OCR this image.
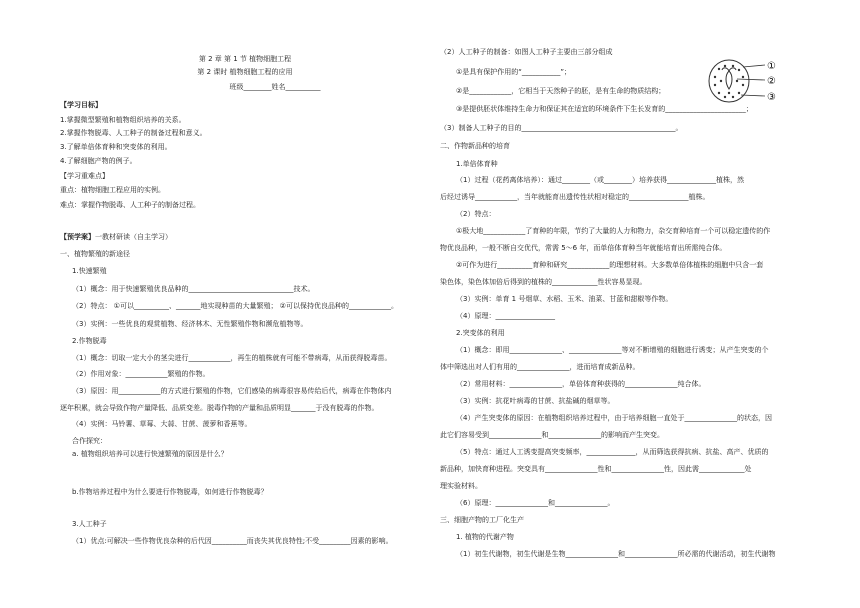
第 2 章 第 1 节 植物细胞工程
第 2 课时 植物细胞工程的应用
班级________姓名__________
【学习目标】
1.掌握微型繁殖和植物组织培养的关系。
2.掌握作物脱毒、人工种子的制备过程和意义。
3.了解单倍体育种和突变体的利用。
4.了解细胞产物的例子。
【学习重难点】
重点：植物细胞工程应用的实例。
难点：掌握作物脱毒、人工种子的制备过程。
【预学案】一教材研读（自主学习）
一、植物繁殖的新途径
1.快速繁殖
（1）概念：用于快速繁殖优良品种的______________________________技术。
（2）特点： ①可以__________、_______地实现种苗的大量繁殖； ②可以保持优良品种的____________。
（3）实例：一些优良的观赏植物、经济林木、无性繁殖作物和濒危植物等。
2.作物脱毒
（1）概念：切取一定大小的茎尖进行____________，再生的植株就有可能不带病毒，从而获得脱毒苗。
（2）作用对象：____________繁殖的作物。
（3）原因：用____________的方式进行繁殖的作物，它们感染的病毒很容易传给后代，病毒在作物体内
逐年积累，就会导致作物产量降低、品质变差。脱毒作物的产量和品质明显_______于没有脱毒的作物。
（4）实例：马铃薯、草莓、大蒜、甘蔗、菠萝和香蕉等。
合作探究：
a. 植物组织培养可以进行快速繁殖的原因是什么？
b.作物培养过程中为什么要进行作物脱毒，如何进行作物脱毒？
3.人工种子
（1）优点:可解决一些作物优良杂种的后代因__________而丧失其优良特性;不受_________因素的影响。
（2）人工种子的制备：如图人工种子主要由三部分组成
①是具有保护作用的“___________”；
②是____________，它相当于天然种子的胚，是有生命的物质结构；
③是提供胚状体维持生命力和保证其在适宜的环境条件下生长发育的_______________________；
（3）制备人工种子的目的____________________________________________。
二、作物新品种的培育
1.单倍体育种
（1）过程（花药离体培养）：通过________（或________）培养获得______________植株，然
后经过诱导____________，当年就能育出遗传性状相对稳定的_________________植株。
（2）特点：
①极大地____________了育种的年限，节约了大量的人力和物力，杂交育种培育一个可以稳定遗传的作
物优良品种，一般不断自交优代，常需 5～6 年，而单倍体育种当年就能培育出所需纯合体。
②可作为进行__________育种和研究____________的理想材料。大多数单倍体植株的细胞中只含一套
染色体，染色体加倍后得到的植株的_____________性状容易显现。
（3）实例：单育 1 号烟草、水稻、玉米、油菜、甘蓝和甜椒等作物。
（4）原理：_________________
2.突变体的利用
（1）概念：即用_______________、_______________等对不断增殖的细胞进行诱变；从产生突变的个
体中筛选出对人们有用的_______________，进而培育成新品种。
（2）常用材料：_______________，单倍体育种获得的_______________纯合体。
（3）实例：抗花叶病毒的甘蔗、抗盐碱的烟草等。
（4）产生突变体的原因：在植物组织培养过程中，由于培养细胞一直处于_______________的状态，因
此它们容易受到_______________和_______________的影响而产生突变。
（5）特点：通过人工诱变提高突变频率，______________，从而筛选获得抗病、抗盐、高产、优质的
新品种，加快育种进程。突变具有_______________性和_______________性，因此需_____________处
理实验材料。
（6）原理：_______________和_______________。
三、细胞产物的工厂化生产
1. 植物的代谢产物
（1）初生代谢物，初生代谢是生物_______________和_______________所必需的代谢活动，初生代谢物
①
②
③
